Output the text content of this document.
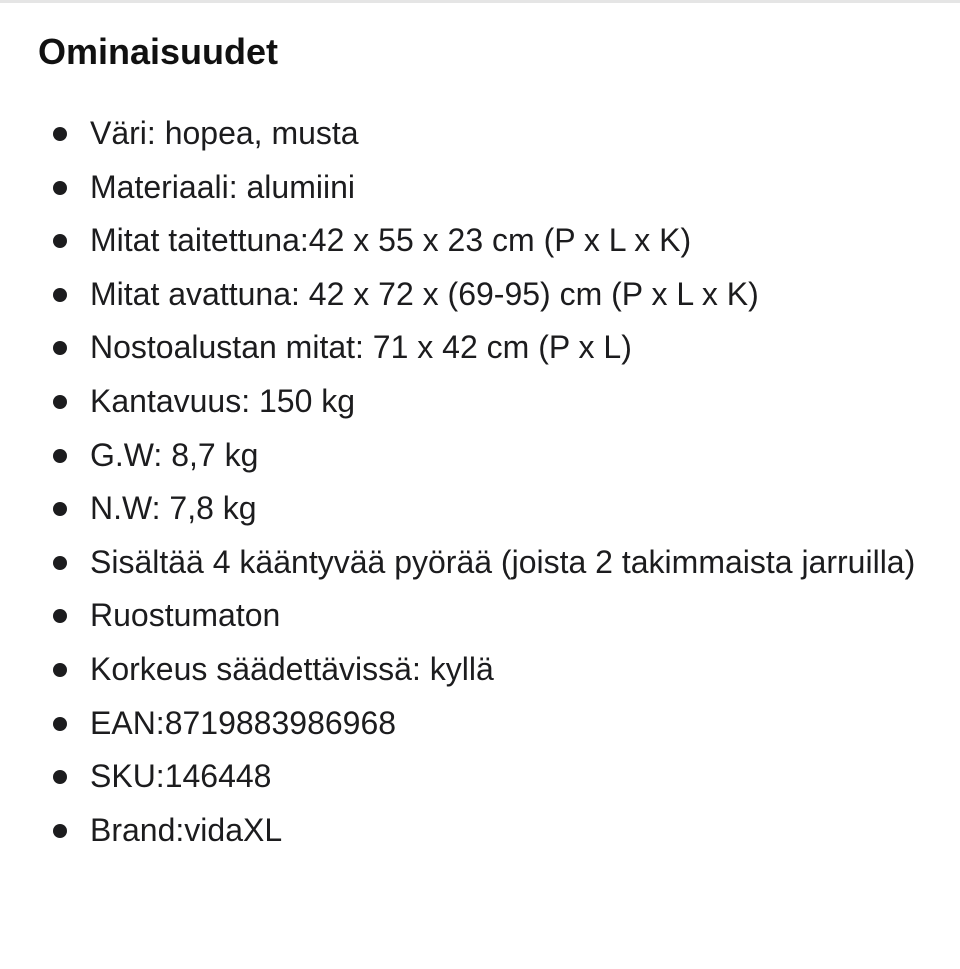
Ominaisuudet
Väri: hopea, musta
Materiaali: alumiini
Mitat taitettuna:42 x 55 x 23 cm (P x L x K)
Mitat avattuna: 42 x 72 x (69-95) cm (P x L x K)
Nostoalustan mitat: 71 x 42 cm (P x L)
Kantavuus: 150 kg
G.W: 8,7 kg
N.W: 7,8 kg
Sisältää 4 kääntyvää pyörää (joista 2 takimmaista jarruilla)
Ruostumaton
Korkeus säädettävissä: kyllä
EAN:8719883986968
SKU:146448
Brand:vidaXL
